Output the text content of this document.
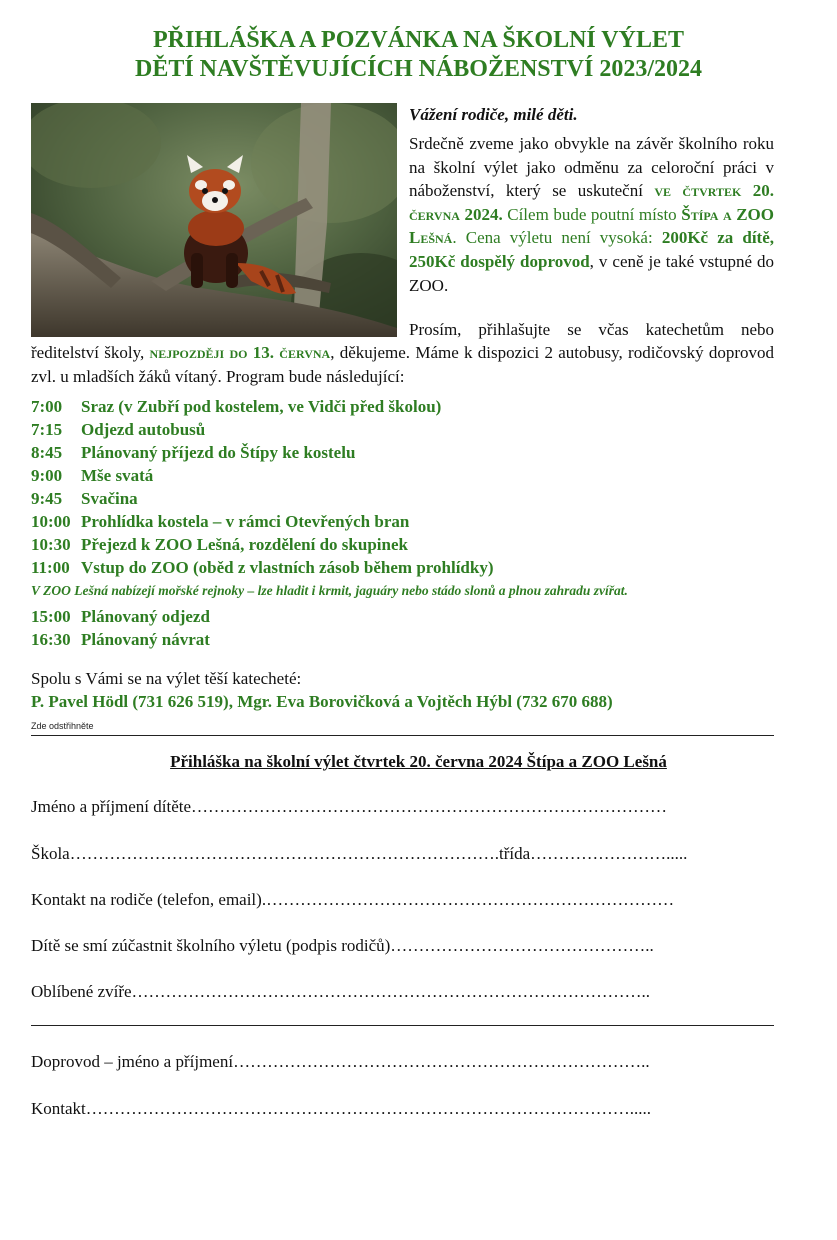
PŘIHLÁŠKA A POZVÁNKA NA ŠKOLNÍ VÝLET
DĚTÍ NAVŠTĚVUJÍCÍCH NÁBOŽENSTVÍ 2023/2024
Vážení rodiče, milé děti.
Srdečně zveme jako obvykle na závěr školního roku na školní výlet jako odměnu za celoroční práci v náboženství, který se uskuteční ve čtvrtek 20. června 2024. Cílem bude poutní místo Štípa a ZOO Lešná. Cena výletu není vysoká: 200Kč za dítě, 250Kč dospělý doprovod, v ceně je také vstupné do ZOO.
Prosím, přihlašujte se včas katechetům nebo ředitelství školy, nejpozději do 13. června, děkujeme. Máme k dispozici 2 autobusy, rodičovský doprovod zvl. u mladších žáků vítaný. Program bude následující:
7:00	Sraz (v Zubří pod kostelem, ve Vidči před školou)
7:15	Odjezd autobusů
8:45	Plánovaný příjezd do Štípy ke kostelu
9:00	Mše svatá
9:45	Svačina
10:00 Prohlídka kostela – v rámci Otevřených bran
10:30 Přejezd k ZOO Lešná, rozdělení do skupinek
11:00 Vstup do ZOO (oběd z vlastních zásob během prohlídky)
V ZOO Lešná nabízejí mořské rejnoky – lze hladit i krmit, jaguáry nebo stádo slonů a plnou zahradu zvířat.
15:00 Plánovaný odjezd
16:30 Plánovaný návrat
Spolu s Vámi se na výlet těší katecheté:
P. Pavel Hödl (731 626 519), Mgr. Eva Borovičková a Vojtěch Hýbl (732 670 688)
Zde odstřihněte
Přihláška na školní výlet čtvrtek 20. června 2024 Štípa a ZOO Lešná
Jméno a příjmení dítěte…………………………………………………………………………
Škola………………………………………………………………….třída…………………….....
Kontakt na rodiče (telefon, email).………………………………………………………………
Dítě se smí zúčastnit školního výletu (podpis rodičů)………………………………………..
Oblíbené zvíře………………………………………………………………………………..
Doprovod – jméno a příjmení………………………………………………………………..
Kontakt…………………………………………………………………………………….....
